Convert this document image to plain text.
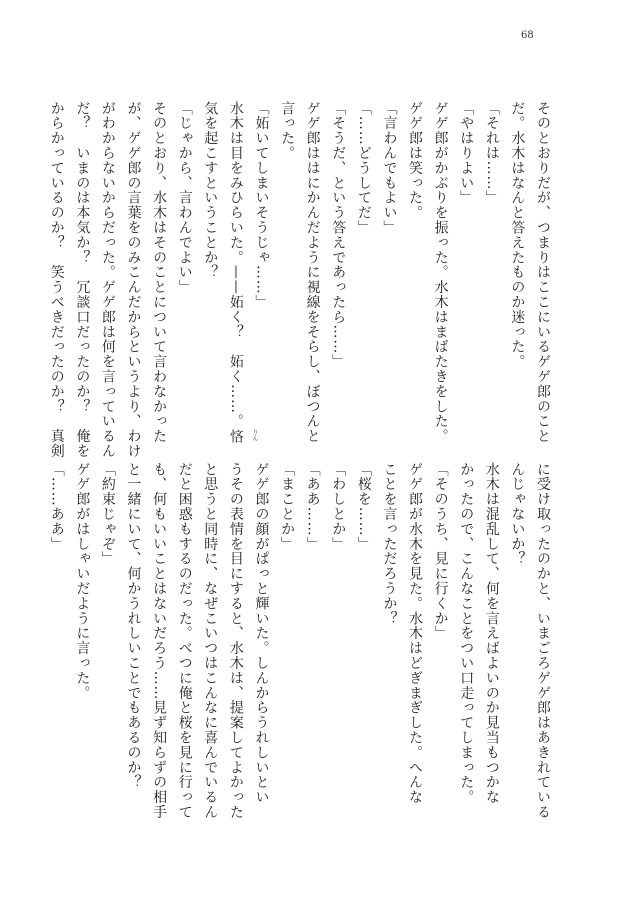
68
そのとおりだが、つまりはここにいるゲゲ郎のこと
だ。水木はなんと答えたものか迷った。
「それは……」
「やはりよい」
ゲゲ郎がかぶりを振った。水木はまばたきをした。
ゲゲ郎は笑った。
「言わんでもよい」
「……どうしてだ」
「そうだ、という答えであったら……」
ゲゲ郎ははにかんだように視線をそらし、ぼつんと
言った。
「妬いてしまいそうじゃ……」
水木は目をみひらいた。——妬く？　妬く……。悋 りん
気を起こすということか？
「じゃから、言わんでよい」
そのとおり、水木はそのことについて言わなかった
が、ゲゲ郎の言葉をのみこんだからというより、わけ
がわからないからだった。ゲゲ郎は何を言っているん
だ？　いまのは本気か？　冗談口だったのか？　俺を
からかっているのか？　笑うべきだったのか？　真剣
に受け取ったのかと、いまごろゲゲ郎はあきれている
んじゃないか？
水木は混乱して、何を言えばよいのか見当もつかな
かったので、こんなことをつい口走ってしまった。
「そのうち、見に行くか」
ゲゲ郎が水木を見た。水木はどぎまぎした。へんな
ことを言っただろうか？
「桜を……」
「わしとか」
「ああ……」
「まことか」
ゲゲ郎の顔がぱっと輝いた。しんからうれしいとい
うその表情を目にすると、水木は、提案してよかった
と思うと同時に、なぜこいつはこんなに喜んでいるん
だと困惑もするのだった。べつに俺と桜を見に行って
も、何もいいことはないだろう……見ず知らずの相手
と一緒にいて、何かうれしいことでもあるのか？
「約束じゃぞ」
ゲゲ郎がはしゃいだように言った。
「……ああ」
